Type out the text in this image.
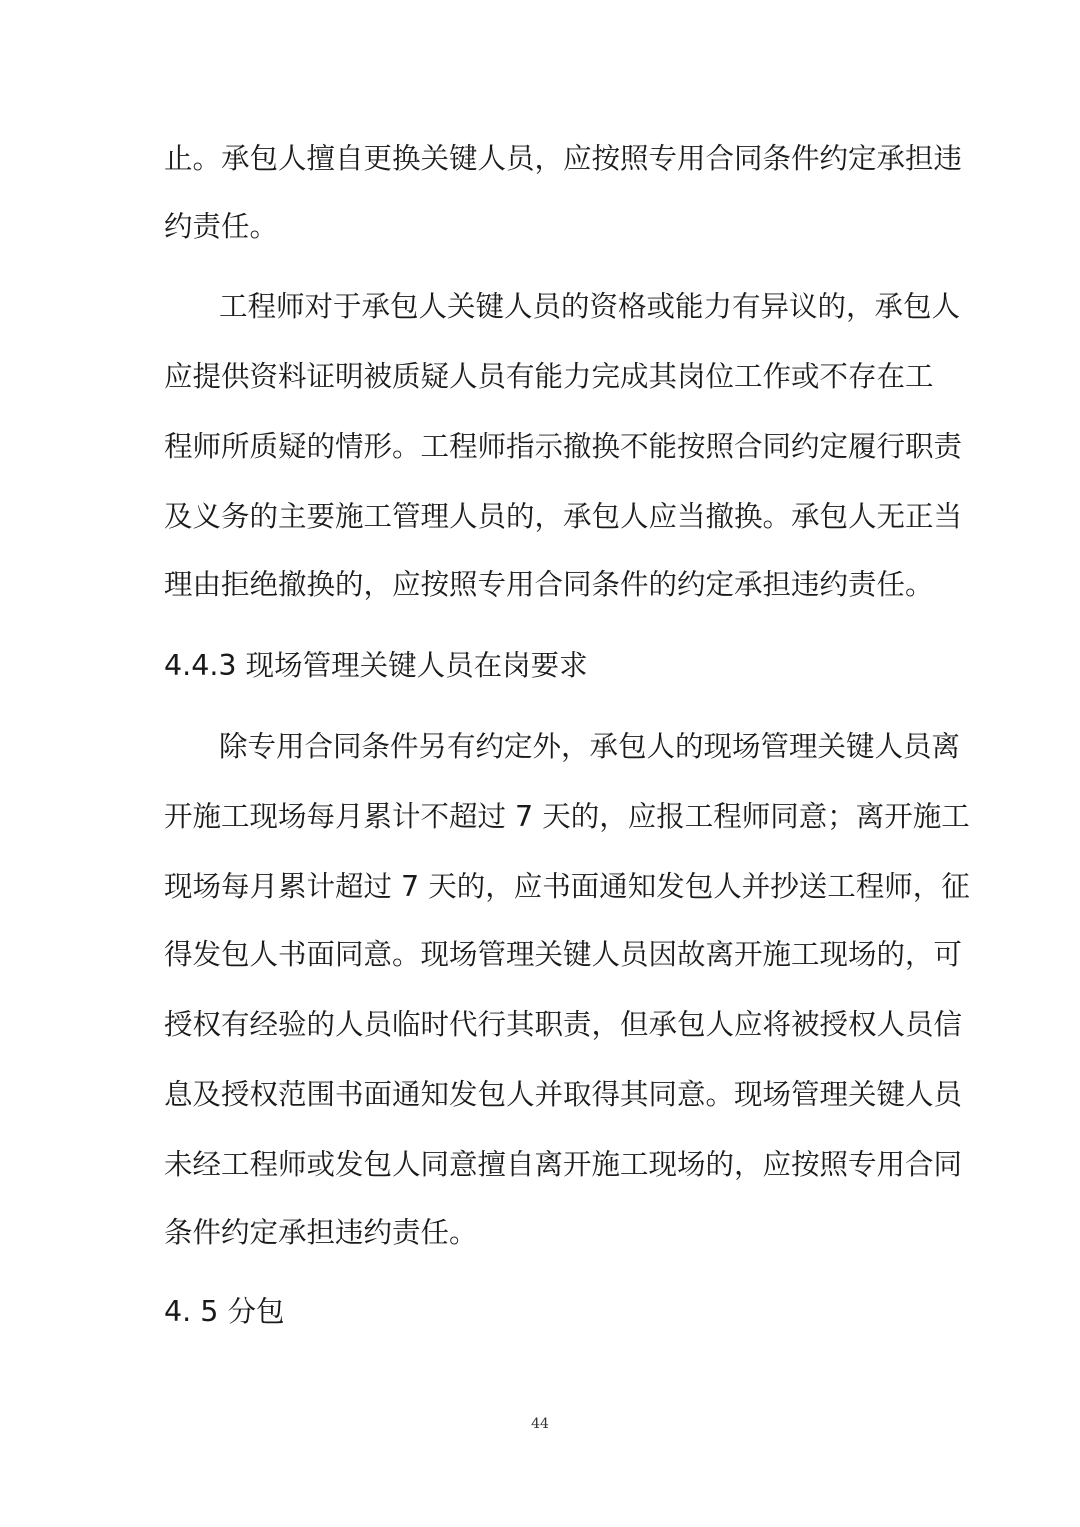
止。承包人擅自更换关键人员，应按照专用合同条件约定承担违
约责任。
工程师对于承包人关键人员的资格或能力有异议的，承包人
应提供资料证明被质疑人员有能力完成其岗位工作或不存在工
程师所质疑的情形。工程师指示撤换不能按照合同约定履行职责
及义务的主要施工管理人员的，承包人应当撤换。承包人无正当
理由拒绝撤换的，应按照专用合同条件的约定承担违约责任。
4.4.3 现场管理关键人员在岗要求
除专用合同条件另有约定外，承包人的现场管理关键人员离
开施工现场每月累计不超过 7 天的，应报工程师同意；离开施工
现场每月累计超过 7 天的，应书面通知发包人并抄送工程师，征
得发包人书面同意。现场管理关键人员因故离开施工现场的，可
授权有经验的人员临时代行其职责，但承包人应将被授权人员信
息及授权范围书面通知发包人并取得其同意。现场管理关键人员
未经工程师或发包人同意擅自离开施工现场的，应按照专用合同
条件约定承担违约责任。
4. 5 分包
44
